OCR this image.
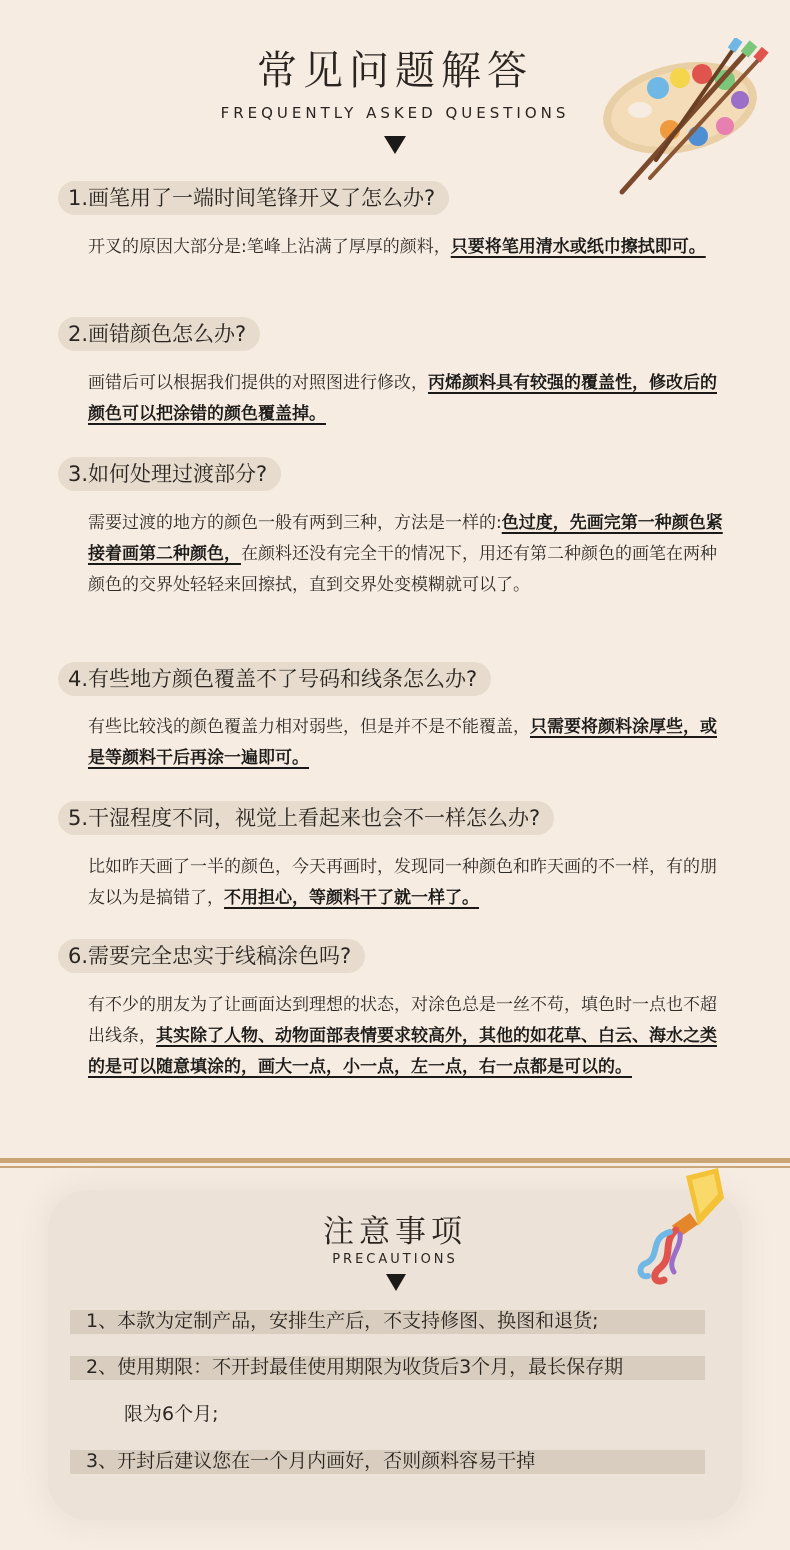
常见问题解答
FREQUENTLY ASKED QUESTIONS
1.画笔用了一端时间笔锋开叉了怎么办?
开叉的原因大部分是:笔峰上沾满了厚厚的颜料，只要将笔用清水或纸巾擦拭即可。
2.画错颜色怎么办?
画错后可以根据我们提供的对照图进行修改，丙烯颜料具有较强的覆盖性，修改后的颜色可以把涂错的颜色覆盖掉。
3.如何处理过渡部分?
需要过渡的地方的颜色一般有两到三种，方法是一样的:色过度，先画完第一种颜色紧接着画第二种颜色，在颜料还没有完全干的情况下，用还有第二种颜色的画笔在两种颜色的交界处轻轻来回擦拭，直到交界处变模糊就可以了。
4.有些地方颜色覆盖不了号码和线条怎么办?
有些比较浅的颜色覆盖力相对弱些，但是并不是不能覆盖，只需要将颜料涂厚些，或是等颜料干后再涂一遍即可。
5.干湿程度不同，视觉上看起来也会不一样怎么办?
比如昨天画了一半的颜色，今天再画时，发现同一种颜色和昨天画的不一样，有的朋友以为是搞错了，不用担心，等颜料干了就一样了。
6.需要完全忠实于线稿涂色吗?
有不少的朋友为了让画面达到理想的状态，对涂色总是一丝不苟，填色时一点也不超出线条，其实除了人物、动物面部表情要求较高外，其他的如花草、白云、海水之类的是可以随意填涂的，画大一点，小一点，左一点，右一点都是可以的。
注意事项
PRECAUTIONS
1、本款为定制产品，安排生产后，不支持修图、换图和退货;
2、使用期限：不开封最佳使用期限为收货后3个月，最长保存期
限为6个月;
3、开封后建议您在一个月内画好，否则颜料容易干掉
